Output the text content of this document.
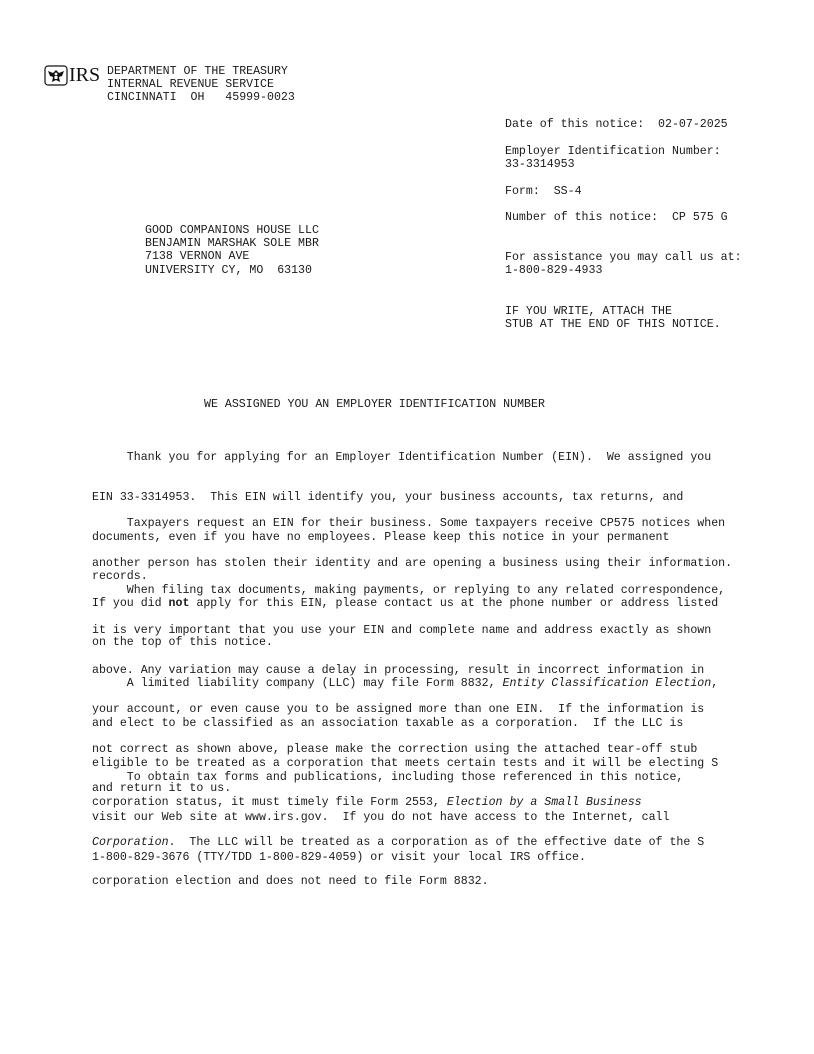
IRS DEPARTMENT OF THE TREASURY
INTERNAL REVENUE SERVICE
CINCINNATI  OH   45999-0023

Date of this notice:  02-07-2025

Employer Identification Number:

33-3314953

Form:  SS-4

Number of this notice:  CP 575 G

For assistance you may call us at:

1-800-829-4933

IF YOU WRITE, ATTACH THE

STUB AT THE END OF THIS NOTICE.

GOOD COMPANIONS HOUSE LLC
BENJAMIN MARSHAK SOLE MBR
7138 VERNON AVE
UNIVERSITY CY, MO  63130
WE ASSIGNED YOU AN EMPLOYER IDENTIFICATION NUMBER

Thank you for applying for an Employer Identification Number (EIN).  We assigned you

EIN 33-3314953.  This EIN will identify you, your business accounts, tax returns, and

documents, even if you have no employees. Please keep this notice in your permanent

records.

Taxpayers request an EIN for their business. Some taxpayers receive CP575 notices when

another person has stolen their identity and are opening a business using their information.

If you did not apply for this EIN, please contact us at the phone number or address listed

on the top of this notice.

When filing tax documents, making payments, or replying to any related correspondence,

it is very important that you use your EIN and complete name and address exactly as shown

above. Any variation may cause a delay in processing, result in incorrect information in

your account, or even cause you to be assigned more than one EIN.  If the information is

not correct as shown above, please make the correction using the attached tear-off stub

and return it to us.

A limited liability company (LLC) may file Form 8832, Entity Classification Election,

and elect to be classified as an association taxable as a corporation.  If the LLC is

eligible to be treated as a corporation that meets certain tests and it will be electing S

corporation status, it must timely file Form 2553, Election by a Small Business

Corporation.  The LLC will be treated as a corporation as of the effective date of the S

corporation election and does not need to file Form 8832.

To obtain tax forms and publications, including those referenced in this notice,

visit our Web site at www.irs.gov.  If you do not have access to the Internet, call

1-800-829-3676 (TTY/TDD 1-800-829-4059) or visit your local IRS office.
